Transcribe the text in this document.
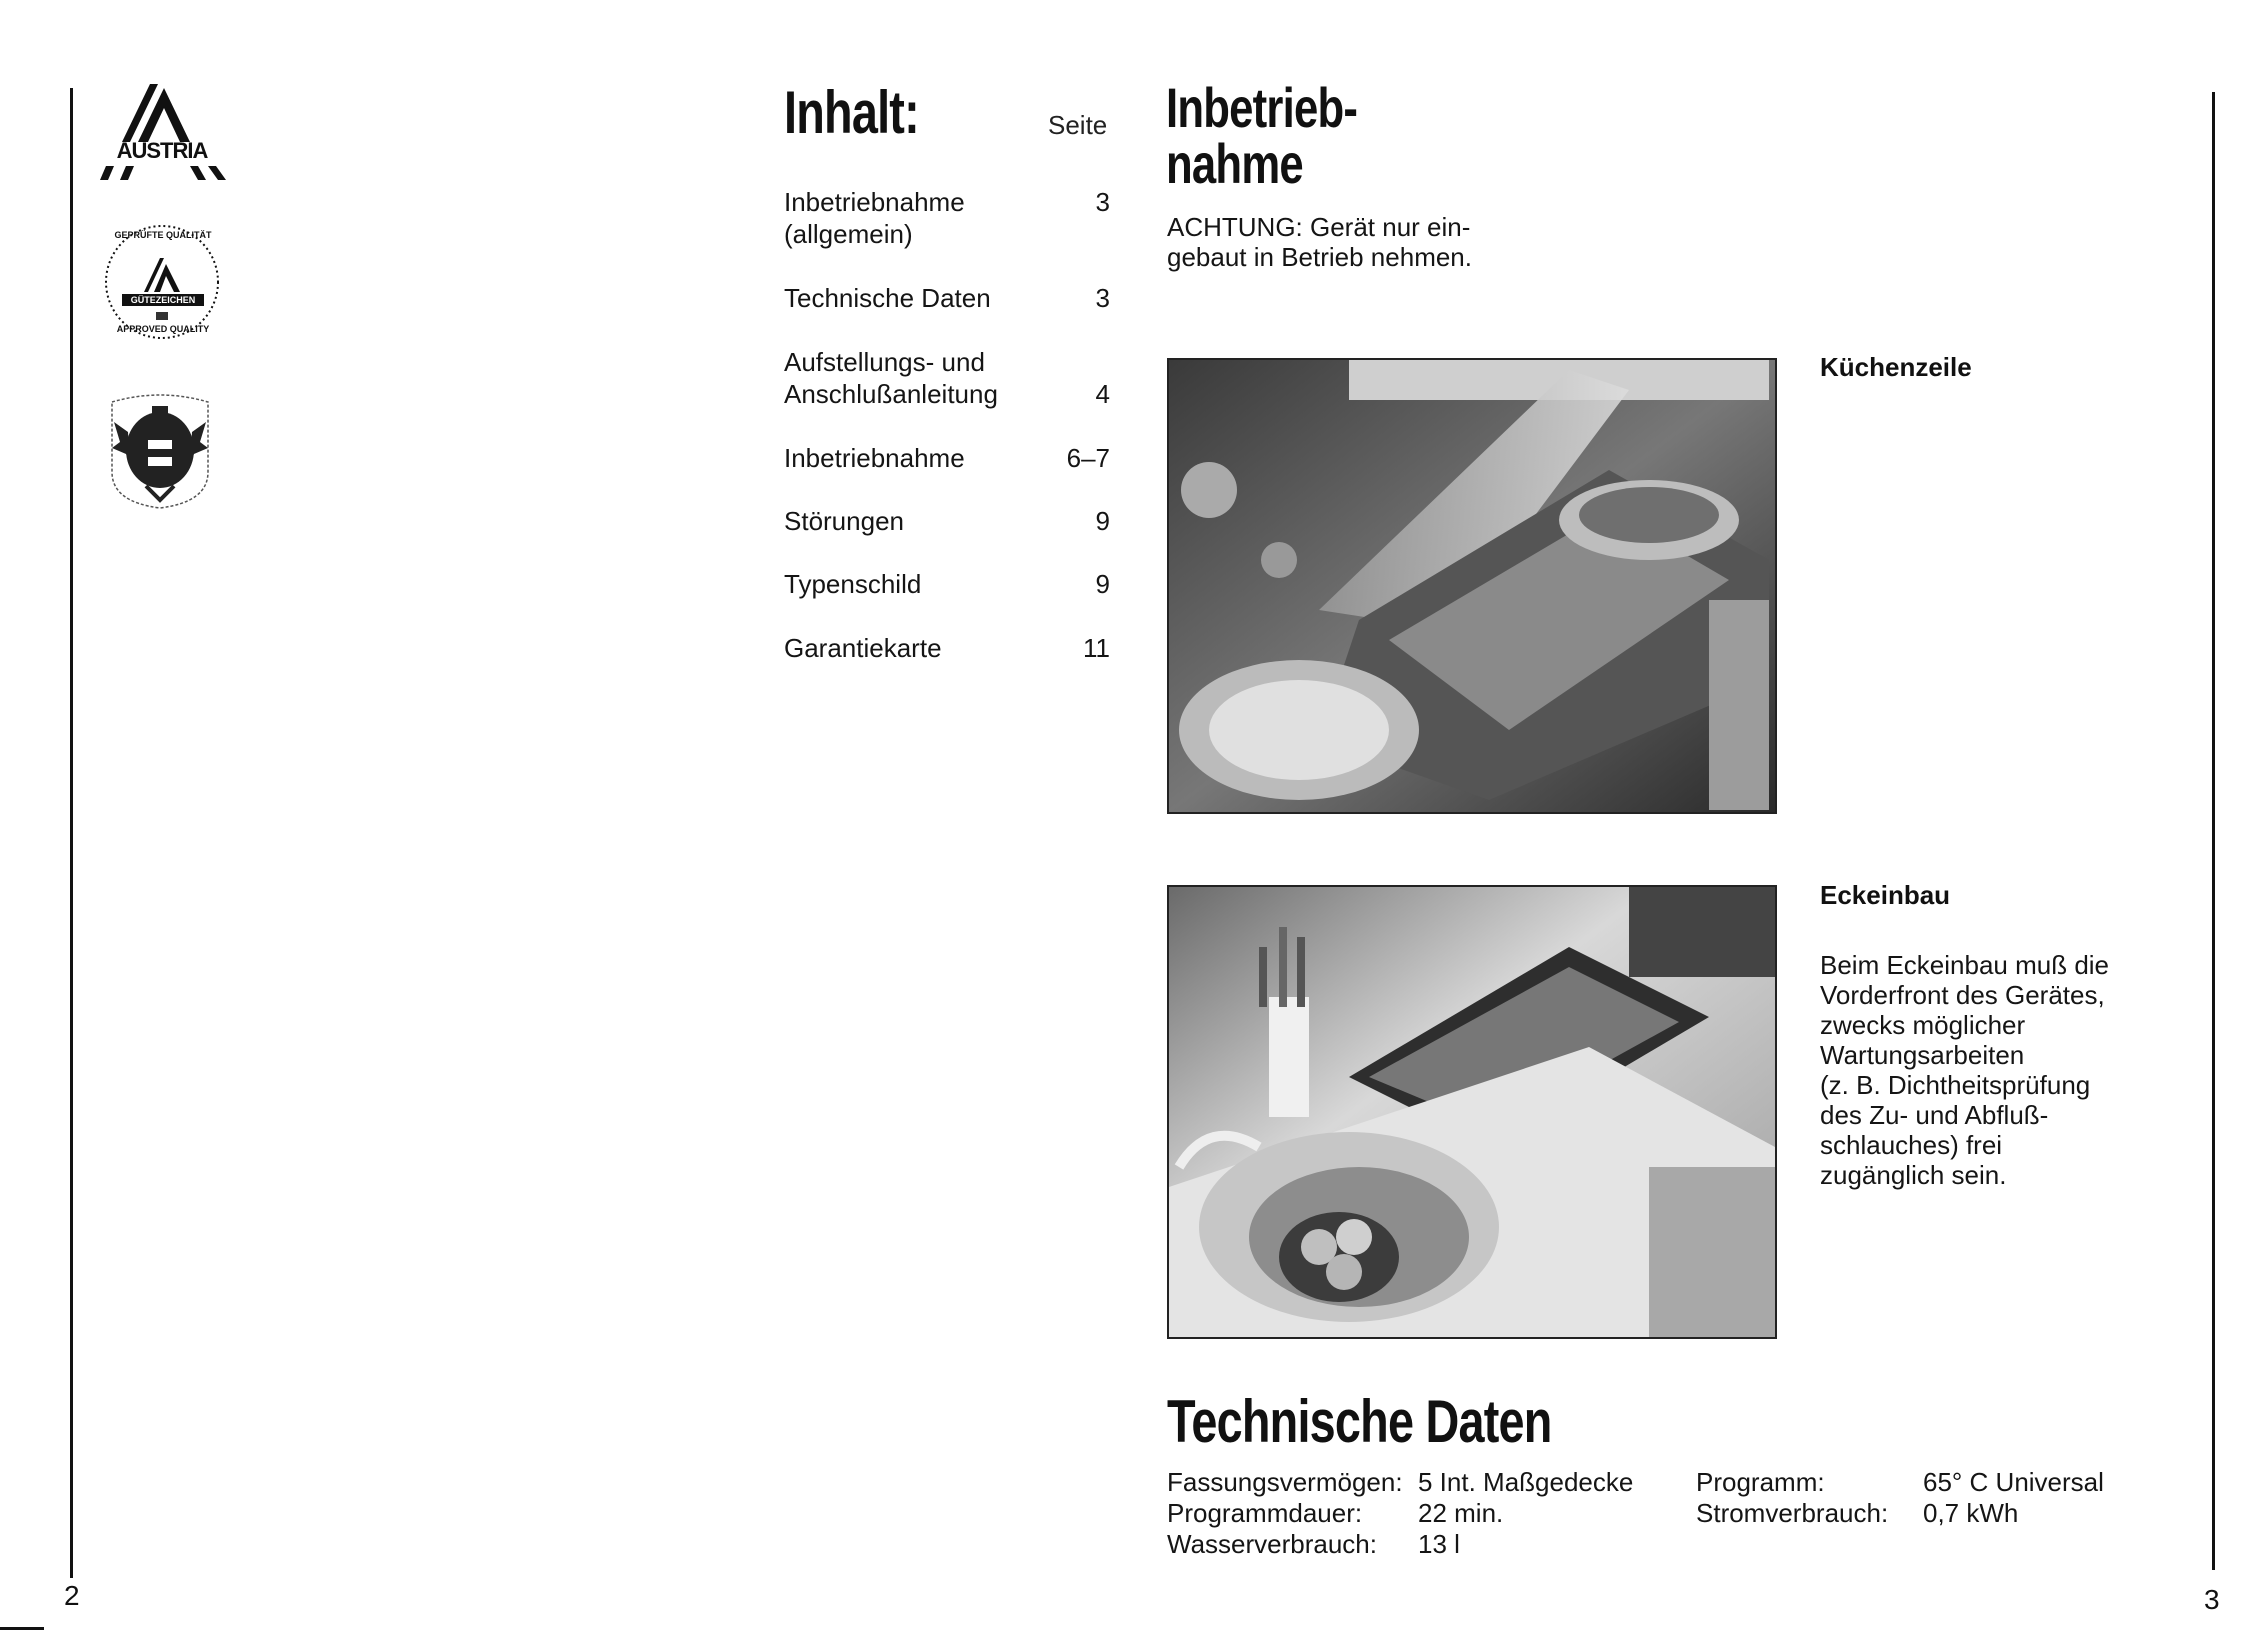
AUSTRIA
GEPRÜFTE QUALITÄT
GÜTEZEICHEN
APPROVED QUALITY
Inhalt:	Seite
Inbetriebnahme
(allgemein)
3
Technische Daten	3
Aufstellungs- und
Anschlußanleitung	4
Inbetriebnahme	6–7
Störungen	9
Typenschild	9
Garantiekarte	11
Inbetrieb-
nahme
ACHTUNG: Gerät nur ein-
gebaut in Betrieb nehmen.
Küchenzeile
Eckeinbau
Beim Eckeinbau muß die
Vorderfront des Gerätes,
zwecks möglicher
Wartungsarbeiten
(z. B. Dichtheitsprüfung
des Zu- und Abfluß-
schlauches) frei
zugänglich sein.
Technische Daten
Fassungsvermögen: 5 Int. Maßgedecke
Programmdauer: 22 min.
Wasserverbrauch: 13 l
Programm:	65° C Universal
Stromverbrauch: 0,7 kWh
2	3
